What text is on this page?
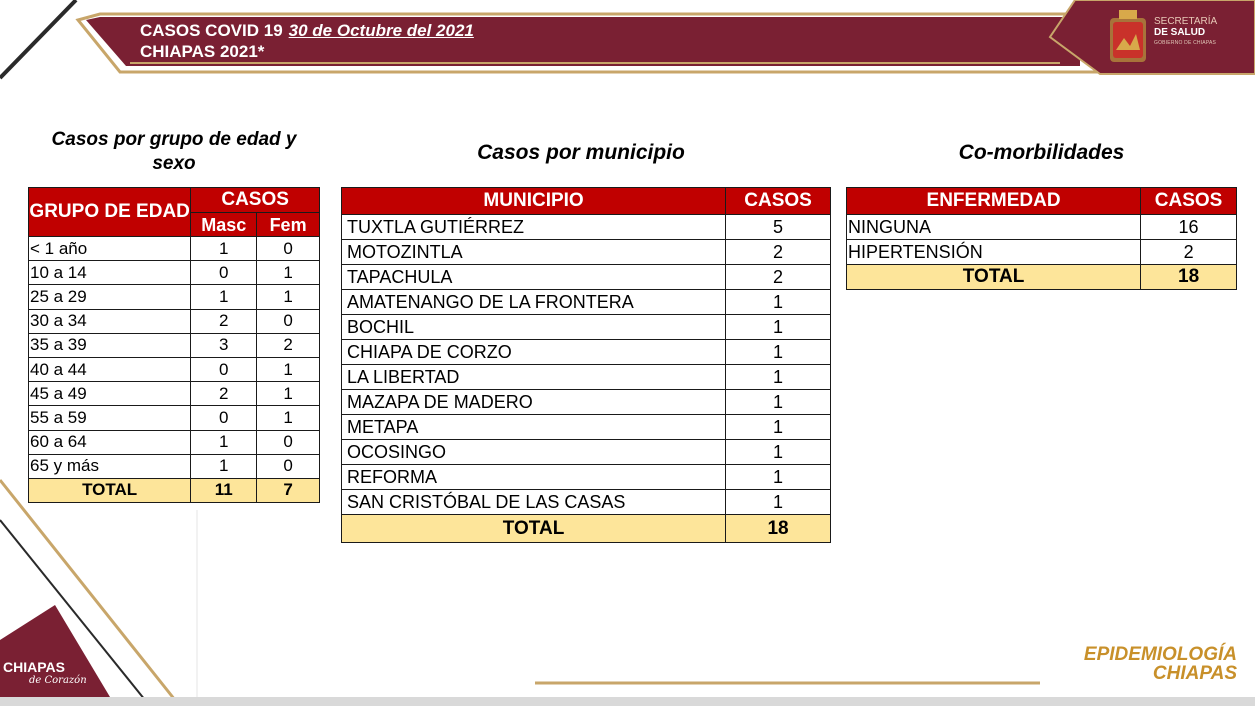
CASOS COVID 19 30 de Octubre del 2021
CHIAPAS 2021*
SECRETARÍA
DE SALUD
GOBIERNO DE CHIAPAS
Casos por grupo de edad y sexo	Casos por municipio	Co-morbilidades
GRUPO DE EDAD	CASOS	
	Masc	Fem
< 1 año	1	0
10 a 14	0	1
25 a 29	1	1
30 a 34	2	0
35 a 39	3	2
40 a 44	0	1
45 a 49	2	1
55 a 59	0	1
60 a 64	1	0
65 y más	1	0
TOTAL	11	7
MUNICIPIO	CASOS
TUXTLA GUTIÉRREZ	5
MOTOZINTLA	2
TAPACHULA	2
AMATENANGO DE LA FRONTERA	1
BOCHIL	1
CHIAPA DE CORZO	1
LA LIBERTAD	1
MAZAPA DE MADERO	1
METAPA	1
OCOSINGO	1
REFORMA	1
SAN CRISTÓBAL DE LAS CASAS	1
TOTAL	18
ENFERMEDAD	CASOS
NINGUNA	16
HIPERTENSIÓN	2
TOTAL	18
CHIAPAS
de Corazón
EPIDEMIOLOGÍA
CHIAPAS
